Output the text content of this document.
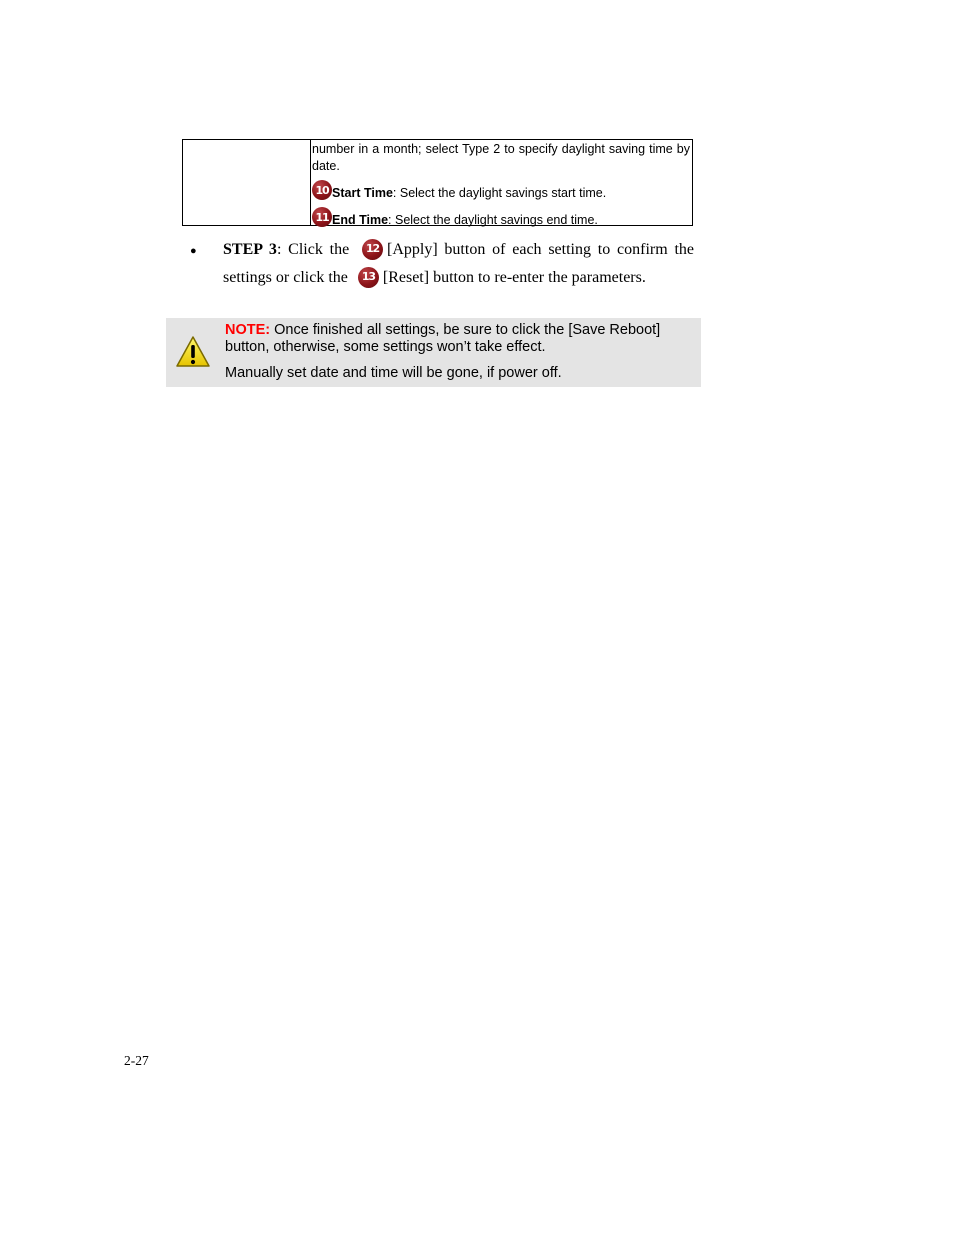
number in a month; select Type 2 to specify daylight saving time by date.
10 Start Time : Select the daylight savings start time.
11 End Time : Select the daylight savings end time.
● STEP 3: Click the 12 [Apply] button of each setting to confirm the settings or click the 13 [Reset] button to re-enter the parameters.
NOTE: Once finished all settings, be sure to click the [Save Reboot] button, otherwise, some settings won’t take effect.
Manually set date and time will be gone, if power off.
2-27
